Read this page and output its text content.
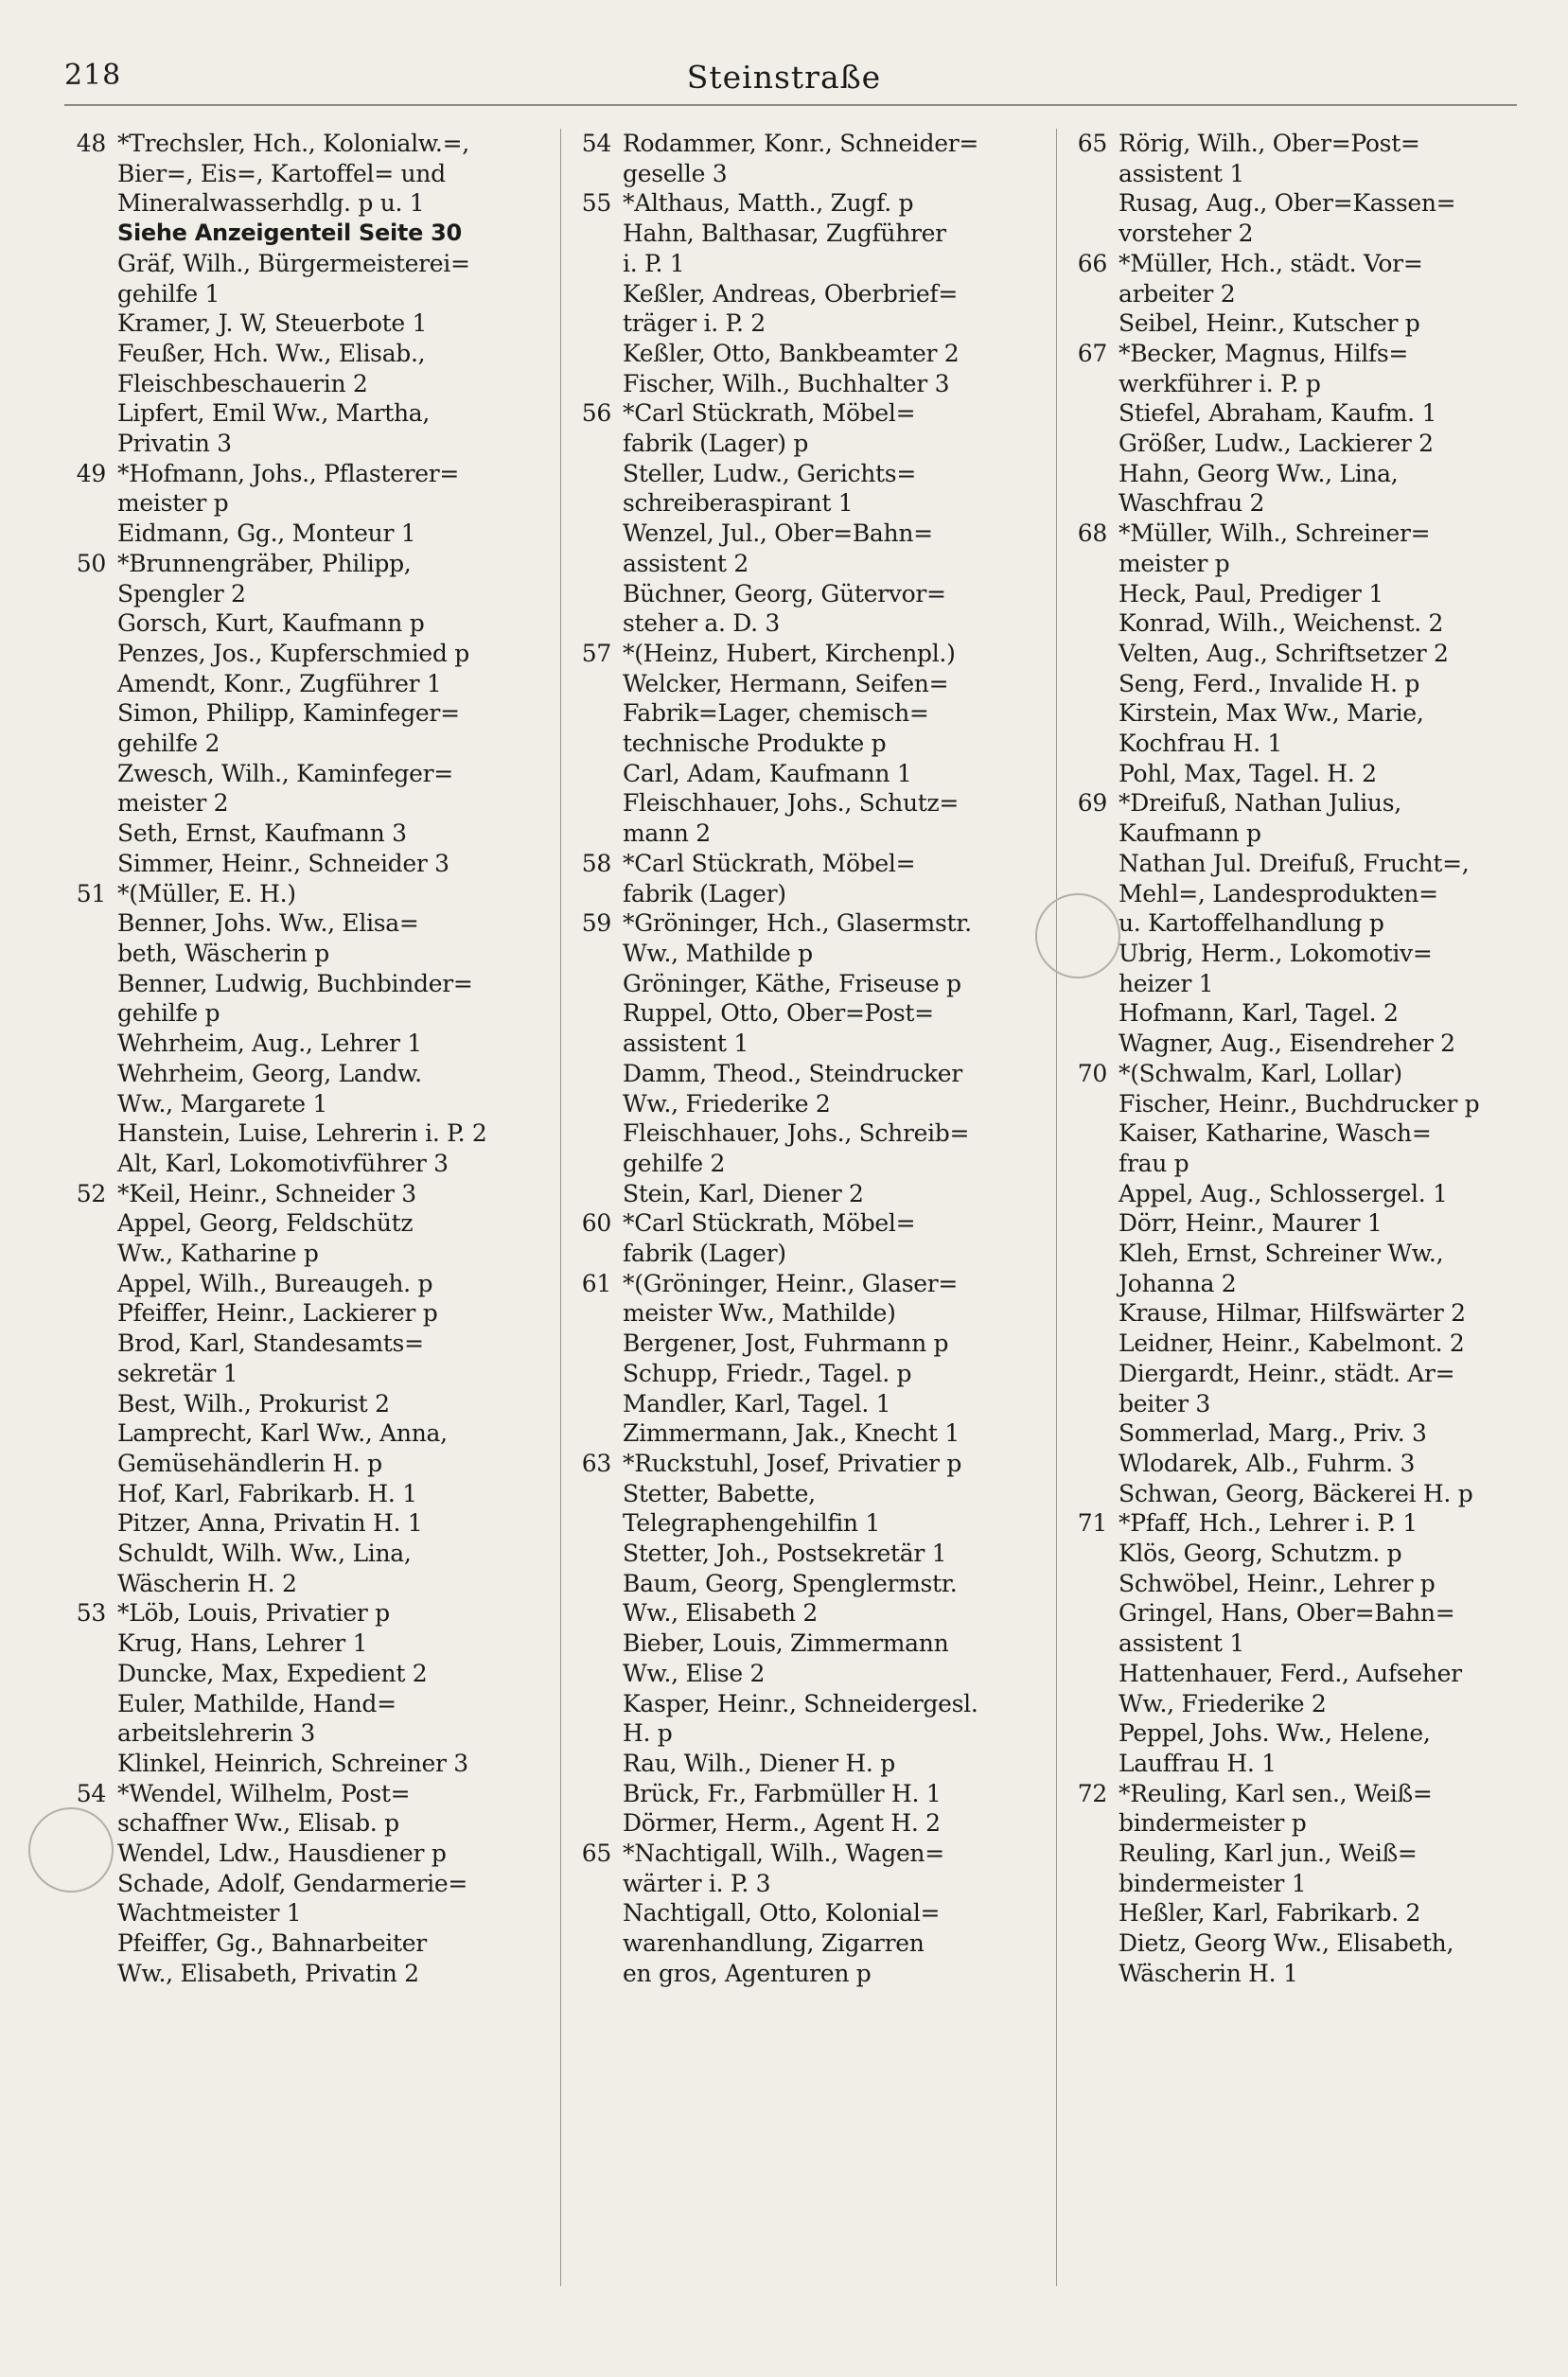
218	Steinstraße
48 *Trechsler, Hch., Kolonialw.=,
Bier=, Eis=, Kartoffel= und
Mineralwasserhdlg. p u. 1
Siehe Anzeigenteil Seite 30
Gräf, Wilh., Bürgermeisterei=
gehilfe 1
Kramer, J. W, Steuerbote 1
Feußer, Hch. Ww., Elisab.,
Fleischbeschauerin 2
Lipfert, Emil Ww., Martha,
Privatin 3
49 *Hofmann, Johs., Pflasterer=
meister p
Eidmann, Gg., Monteur 1
50 *Brunnengräber, Philipp,
Spengler 2
Gorsch, Kurt, Kaufmann p
Penzes, Jos., Kupferschmied p
Amendt, Konr., Zugführer 1
Simon, Philipp, Kaminfeger=
gehilfe 2
Zwesch, Wilh., Kaminfeger=
meister 2
Seth, Ernst, Kaufmann 3
Simmer, Heinr., Schneider 3
51 *(Müller, E. H.)
Benner, Johs. Ww., Elisa=
beth, Wäscherin p
Benner, Ludwig, Buchbinder=
gehilfe p
Wehrheim, Aug., Lehrer 1
Wehrheim, Georg, Landw.
Ww., Margarete 1
Hanstein, Luise, Lehrerin i. P. 2
Alt, Karl, Lokomotivführer 3
52 *Keil, Heinr., Schneider 3
Appel, Georg, Feldschütz
Ww., Katharine p
Appel, Wilh., Bureaugeh. p
Pfeiffer, Heinr., Lackierer p
Brod, Karl, Standesamts=
sekretär 1
Best, Wilh., Prokurist 2
Lamprecht, Karl Ww., Anna,
Gemüsehändlerin H. p
Hof, Karl, Fabrikarb. H. 1
Pitzer, Anna, Privatin H. 1
Schuldt, Wilh. Ww., Lina,
Wäscherin H. 2
53 *Löb, Louis, Privatier p
Krug, Hans, Lehrer 1
Duncke, Max, Expedient 2
Euler, Mathilde, Hand=
arbeitslehrerin 3
Klinkel, Heinrich, Schreiner 3
54 *Wendel, Wilhelm, Post=
schaffner Ww., Elisab. p
Wendel, Ldw., Hausdiener p
Schade, Adolf, Gendarmerie=
Wachtmeister 1
Pfeiffer, Gg., Bahnarbeiter
Ww., Elisabeth, Privatin 2
54 Rodammer, Konr., Schneider=
geselle 3
55 *Althaus, Matth., Zugf. p
Hahn, Balthasar, Zugführer
i. P. 1
Keßler, Andreas, Oberbrief=
träger i. P. 2
Keßler, Otto, Bankbeamter 2
Fischer, Wilh., Buchhalter 3
56 *Carl Stückrath, Möbel=
fabrik (Lager) p
Steller, Ludw., Gerichts=
schreiberaspirant 1
Wenzel, Jul., Ober=Bahn=
assistent 2
Büchner, Georg, Gütervor=
steher a. D. 3
57 *(Heinz, Hubert, Kirchenpl.)
Welcker, Hermann, Seifen=
Fabrik=Lager, chemisch=
technische Produkte p
Carl, Adam, Kaufmann 1
Fleischhauer, Johs., Schutz=
mann 2
58 *Carl Stückrath, Möbel=
fabrik (Lager)
59 *Gröninger, Hch., Glasermstr.
Ww., Mathilde p
Gröninger, Käthe, Friseuse p
Ruppel, Otto, Ober=Post=
assistent 1
Damm, Theod., Steindrucker
Ww., Friederike 2
Fleischhauer, Johs., Schreib=
gehilfe 2
Stein, Karl, Diener 2
60 *Carl Stückrath, Möbel=
fabrik (Lager)
61 *(Gröninger, Heinr., Glaser=
meister Ww., Mathilde)
Bergener, Jost, Fuhrmann p
Schupp, Friedr., Tagel. p
Mandler, Karl, Tagel. 1
Zimmermann, Jak., Knecht 1
63 *Ruckstuhl, Josef, Privatier p
Stetter, Babette,
Telegraphengehilfin 1
Stetter, Joh., Postsekretär 1
Baum, Georg, Spenglermstr.
Ww., Elisabeth 2
Bieber, Louis, Zimmermann
Ww., Elise 2
Kasper, Heinr., Schneidergesl.
H. p
Rau, Wilh., Diener H. p
Brück, Fr., Farbmüller H. 1
Dörmer, Herm., Agent H. 2
65 *Nachtigall, Wilh., Wagen=
wärter i. P. 3
Nachtigall, Otto, Kolonial=
warenhandlung, Zigarren
en gros, Agenturen p
65 Rörig, Wilh., Ober=Post=
assistent 1
Rusag, Aug., Ober=Kassen=
vorsteher 2
66 *Müller, Hch., städt. Vor=
arbeiter 2
Seibel, Heinr., Kutscher p
67 *Becker, Magnus, Hilfs=
werkführer i. P. p
Stiefel, Abraham, Kaufm. 1
Größer, Ludw., Lackierer 2
Hahn, Georg Ww., Lina,
Waschfrau 2
68 *Müller, Wilh., Schreiner=
meister p
Heck, Paul, Prediger 1
Konrad, Wilh., Weichenst. 2
Velten, Aug., Schriftsetzer 2
Seng, Ferd., Invalide H. p
Kirstein, Max Ww., Marie,
Kochfrau H. 1
Pohl, Max, Tagel. H. 2
69 *Dreifuß, Nathan Julius,
Kaufmann p
Nathan Jul. Dreifuß, Frucht=,
Mehl=, Landesprodukten=
u. Kartoffelhandlung p
Ubrig, Herm., Lokomotiv=
heizer 1
Hofmann, Karl, Tagel. 2
Wagner, Aug., Eisendreher 2
70 *(Schwalm, Karl, Lollar)
Fischer, Heinr., Buchdrucker p
Kaiser, Katharine, Wasch=
frau p
Appel, Aug., Schlossergel. 1
Dörr, Heinr., Maurer 1
Kleh, Ernst, Schreiner Ww.,
Johanna 2
Krause, Hilmar, Hilfswärter 2
Leidner, Heinr., Kabelmont. 2
Diergardt, Heinr., städt. Ar=
beiter 3
Sommerlad, Marg., Priv. 3
Wlodarek, Alb., Fuhrm. 3
Schwan, Georg, Bäckerei H. p
71 *Pfaff, Hch., Lehrer i. P. 1
Klös, Georg, Schutzm. p
Schwöbel, Heinr., Lehrer p
Gringel, Hans, Ober=Bahn=
assistent 1
Hattenhauer, Ferd., Aufseher
Ww., Friederike 2
Peppel, Johs. Ww., Helene,
Lauffrau H. 1
72 *Reuling, Karl sen., Weiß=
bindermeister p
Reuling, Karl jun., Weiß=
bindermeister 1
Heßler, Karl, Fabrikarb. 2
Dietz, Georg Ww., Elisabeth,
Wäscherin H. 1
